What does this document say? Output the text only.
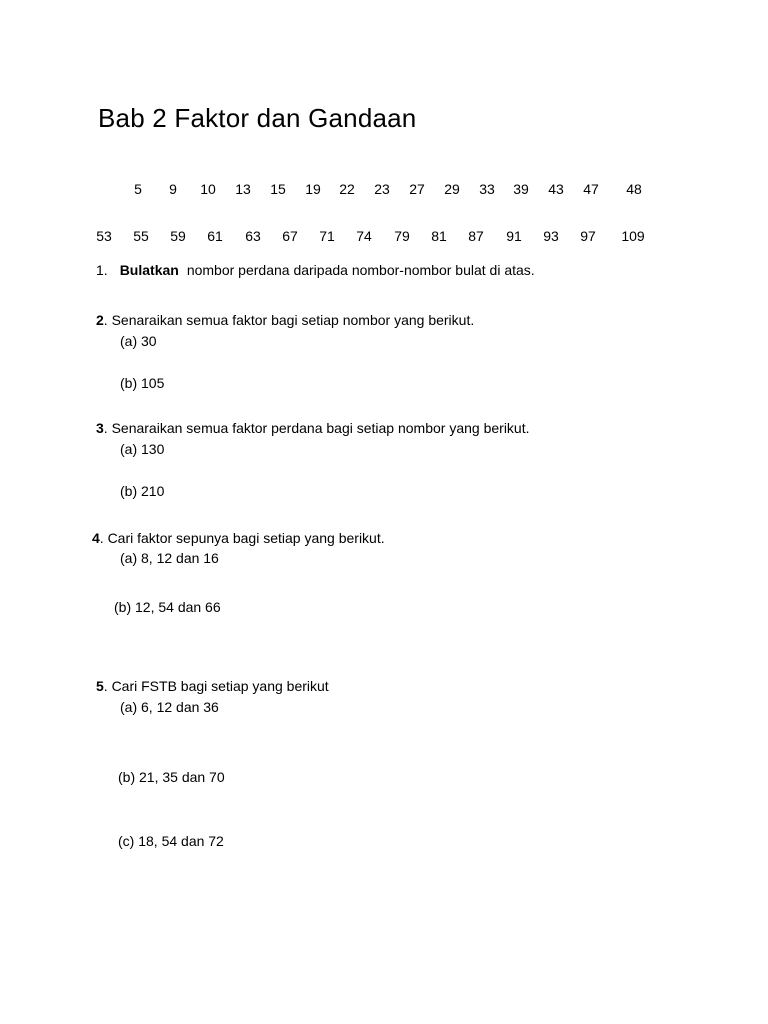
Bab 2 Faktor dan Gandaan
5 9 10 13 15 19 22 23 27 29 33 39 43 47 48
53 55 59 61 63 67 71 74 79 81 87 91 93 97 109
1. Bulatkan nombor perdana daripada nombor-nombor bulat di atas.
2. Senaraikan semua faktor bagi setiap nombor yang berikut.
(a) 30
(b) 105
3. Senaraikan semua faktor perdana bagi setiap nombor yang berikut.
(a) 130
(b) 210
4. Cari faktor sepunya bagi setiap yang berikut.
(a) 8, 12 dan 16
(b) 12, 54 dan 66
5. Cari FSTB bagi setiap yang berikut
(a) 6, 12 dan 36
(b) 21, 35 dan 70
(c) 18, 54 dan 72
